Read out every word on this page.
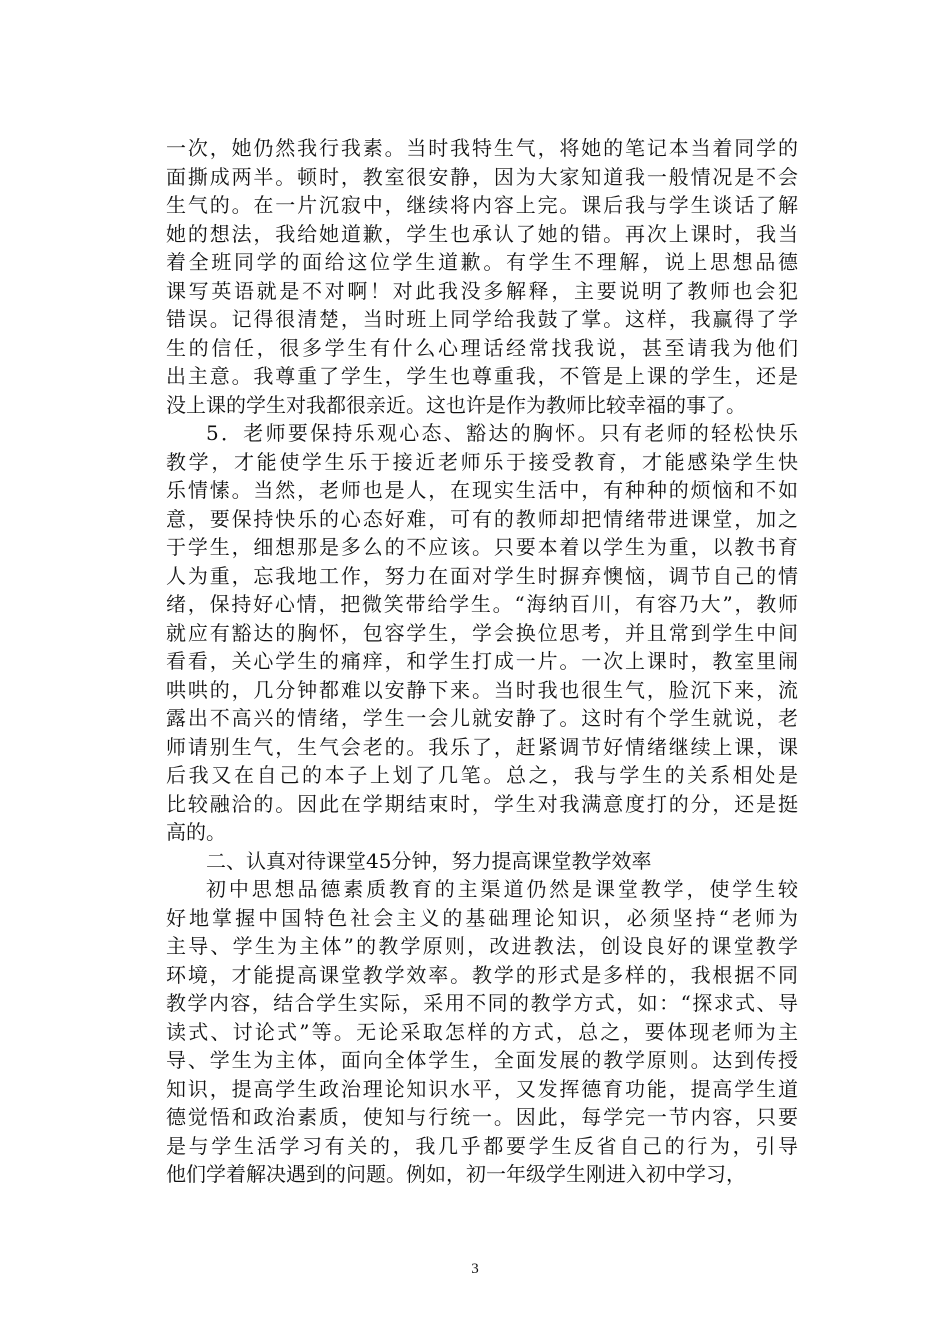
一次，她仍然我行我素。当时我特生气，将她的笔记本当着同学的
面撕成两半。顿时，教室很安静，因为大家知道我一般情况是不会
生气的。在一片沉寂中，继续将内容上完。课后我与学生谈话了解
她的想法，我给她道歉，学生也承认了她的错。再次上课时，我当
着全班同学的面给这位学生道歉。有学生不理解，说上思想品德
课写英语就是不对啊！对此我没多解释，主要说明了教师也会犯
错误。记得很清楚，当时班上同学给我鼓了掌。这样，我赢得了学
生的信任，很多学生有什么心理话经常找我说，甚至请我为他们
出主意。我尊重了学生，学生也尊重我，不管是上课的学生，还是
没上课的学生对我都很亲近。这也许是作为教师比较幸福的事了。
5．老师要保持乐观心态、豁达的胸怀。只有老师的轻松快乐
教学，才能使学生乐于接近老师乐于接受教育，才能感染学生快
乐情愫。当然，老师也是人，在现实生活中，有种种的烦恼和不如
意，要保持快乐的心态好难，可有的教师却把情绪带进课堂，加之
于学生，细想那是多么的不应该。只要本着以学生为重，以教书育
人为重，忘我地工作，努力在面对学生时摒弃懊恼，调节自己的情
绪，保持好心情，把微笑带给学生。“海纳百川，有容乃大”，教师
就应有豁达的胸怀，包容学生，学会换位思考，并且常到学生中间
看看，关心学生的痛痒，和学生打成一片。一次上课时，教室里闹
哄哄的，几分钟都难以安静下来。当时我也很生气，脸沉下来，流
露出不高兴的情绪，学生一会儿就安静了。这时有个学生就说，老
师请别生气，生气会老的。我乐了，赶紧调节好情绪继续上课，课
后我又在自己的本子上划了几笔。总之，我与学生的关系相处是
比较融洽的。因此在学期结束时，学生对我满意度打的分，还是挺
高的。
二、认真对待课堂45分钟，努力提高课堂教学效率
初中思想品德素质教育的主渠道仍然是课堂教学，使学生较
好地掌握中国特色社会主义的基础理论知识，必须坚持“老师为
主导、学生为主体”的教学原则，改进教法，创设良好的课堂教学
环境，才能提高课堂教学效率。教学的形式是多样的，我根据不同
教学内容，结合学生实际，采用不同的教学方式，如：“探求式、导
读式、讨论式”等。无论采取怎样的方式，总之，要体现老师为主
导、学生为主体，面向全体学生，全面发展的教学原则。达到传授
知识，提高学生政治理论知识水平，又发挥德育功能，提高学生道
德觉悟和政治素质，使知与行统一。因此，每学完一节内容，只要
是与学生活学习有关的，我几乎都要学生反省自己的行为，引导
他们学着解决遇到的问题。例如，初一年级学生刚进入初中学习，
3
